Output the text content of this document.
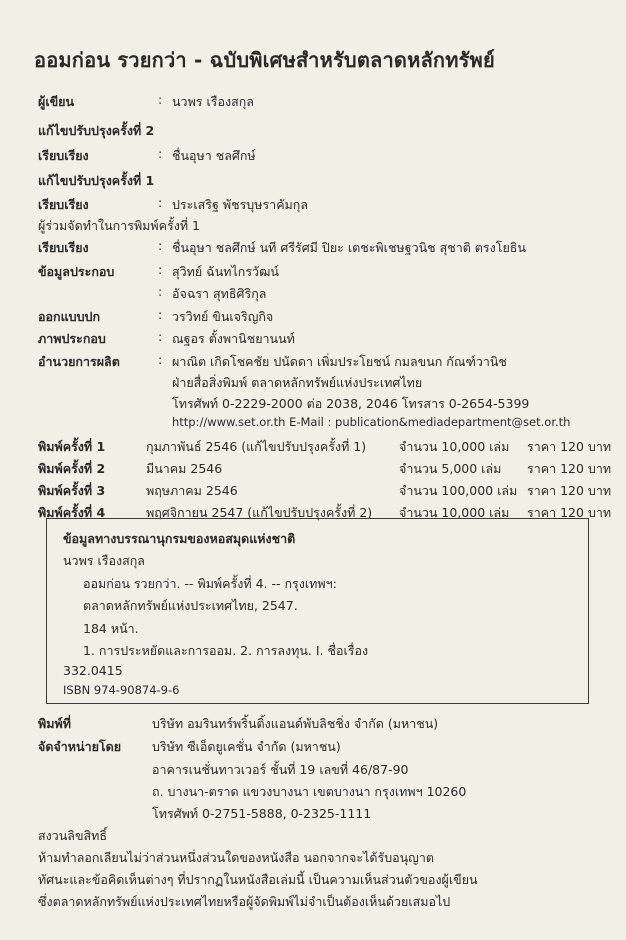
ออมก่อน รวยกว่า - ฉบับพิเศษสำหรับตลาดหลักทรัพย์
ผู้เขียน	: นวพร เรืองสกุล
แก้ไขปรับปรุงครั้งที่ 2
เรียบเรียง	: ชื่นอุษา ชลศึกษ์
แก้ไขปรับปรุงครั้งที่ 1
เรียบเรียง	: ประเสริฐ พัชรบุษราคัมกุล
ผู้ร่วมจัดทำในการพิมพ์ครั้งที่ 1
เรียบเรียง	: ชื่นอุษา ชลศึกษ์ นที ศรีรัศมี ปิยะ เตชะพิเชษฐวนิช สุชาติ ตรงโยธิน
ข้อมูลประกอบ	: สุวิทย์ ฉันทไกรวัฒน์
: อัจฉรา สุทธิศิริกุล
ออกแบบปก	: วรวิทย์ ขินเจริญกิจ
ภาพประกอบ	: ณฐอร ตั้งพานิชยานนท์
อำนวยการผลิต	: ผาณิต เกิดโชคชัย ปนัดดา เพิ่มประโยชน์ กมลขนก กัณฑ์วานิช
ฝ่ายสื่อสิ่งพิมพ์ ตลาดหลักทรัพย์แห่งประเทศไทย
โทรศัพท์ 0-2229-2000 ต่อ 2038, 2046 โทรสาร 0-2654-5399
http://www.set.or.th E-Mail : publication&mediadepartment@set.or.th
พิมพ์ครั้งที่ 1	กุมภาพันธ์ 2546 (แก้ไขปรับปรุงครั้งที่ 1)	จำนวน 10,000 เล่ม ราคา 120 บาท
พิมพ์ครั้งที่ 2	มีนาคม 2546	จำนวน 5,000 เล่ม ราคา 120 บาท
พิมพ์ครั้งที่ 3	พฤษภาคม 2546	จำนวน 100,000 เล่ม ราคา 120 บาท
พิมพ์ครั้งที่ 4	พฤศจิกายน 2547 (แก้ไขปรับปรุงครั้งที่ 2) จำนวน 10,000 เล่ม ราคา 120 บาท
ข้อมูลทางบรรณานุกรมของหอสมุดแห่งชาติ
นวพร เรืองสกุล
ออมก่อน รวยกว่า. -- พิมพ์ครั้งที่ 4. -- กรุงเทพฯ:
ตลาดหลักทรัพย์แห่งประเทศไทย, 2547.
184 หน้า.
1. การประหยัดและการออม. 2. การลงทุน. I. ชื่อเรื่อง
332.0415
ISBN 974-90874-9-6
พิมพ์ที่	บริษัท อมรินทร์พริ้นติ้งแอนด์พับลิชชิ่ง จำกัด (มหาชน)
จัดจำหน่ายโดย บริษัท ซีเอ็ดยูเคชั่น จำกัด (มหาชน)
อาคารเนชั่นทาวเวอร์ ชั้นที่ 19 เลขที่ 46/87-90
ถ. บางนา-ตราด แขวงบางนา เขตบางนา กรุงเทพฯ 10260
โทรศัพท์ 0-2751-5888, 0-2325-1111
สงวนลิขสิทธิ์
ห้ามทำลอกเลียนไม่ว่าส่วนหนึ่งส่วนใดของหนังสือ นอกจากจะได้รับอนุญาต
ทัศนะและข้อคิดเห็นต่างๆ ที่ปรากฏในหนังสือเล่มนี้ เป็นความเห็นส่วนตัวของผู้เขียน
ซึ่งตลาดหลักทรัพย์แห่งประเทศไทยหรือผู้จัดพิมพ์ไม่จำเป็นต้องเห็นด้วยเสมอไป
